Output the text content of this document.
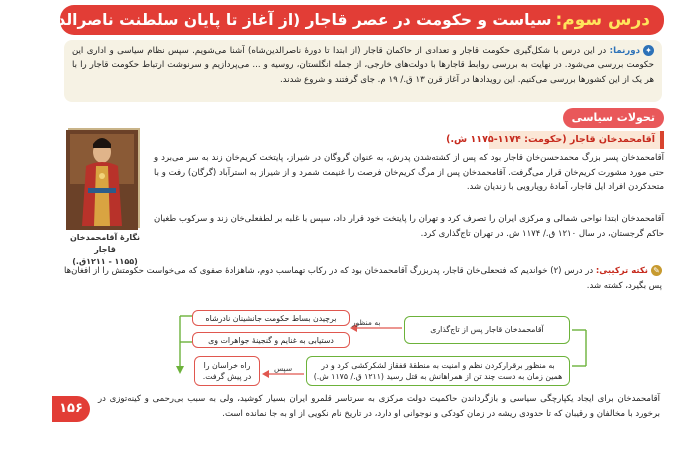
درس سوم:
سیاست و حکومت در عصر قاجار (از آغاز تا پایان سلطنت ناصرالدین‌شاه)
✦دورنما: در این درس با شکل‌گیری حکومت قاجار و تعدادی از حاکمان قاجار (از ابتدا تا دورهٔ ناصرالدین‌شاه) آشنا می‌شویم. سپس نظام سیاسی و اداری این حکومت بررسی می‌شود. در نهایت به بررسی روابط قاجارها با دولت‌های خارجی، از جمله انگلستان، روسیه و ... می‌پردازیم و سرنوشت ارتباط حکومت قاجار را با هر یک از این کشورها بررسی می‌کنیم. این رویدادها در آغاز قرن ۱۳ ق./ ۱۹ م. جای گرفتند و شروع شدند.
تحولات سیاسی
آقامحمدخان قاجار (حکومت: ۱۱۷۴-۱۱۷۵ ش.)
نگارهٔ آقامحمدخان قاجار
(۱۱۵۵ - ۱۲۱۱ق.)
آقامحمدخان پسر بزرگ محمدحسن‌خان قاجار بود که پس از کشته‌شدن پدرش، به عنوان گروگان در شیراز، پایتخت کریم‌خان زند به سر می‌برد و حتی مورد مشورت کریم‌خان قرار می‌گرفت. آقامحمدخان پس از مرگ کریم‌خان فرصت را غنیمت شمرد و از شیراز به استرآباد (گرگان) رفت و با متحدکردن افراد ایل قاجار، آمادهٔ رویارویی با زندیان شد.
آقامحمدخان ابتدا نواحی شمالی و مرکزی ایران را تصرف کرد و تهران را پایتخت خود قرار داد، سپس با غلبه بر لطفعلی‌خان زند و سرکوب طغیان حاکم گرجستان، در سال ۱۲۱۰ ق./ ۱۱۷۴ ش. در تهران تاج‌گذاری کرد.
✎نکته ترکیبی: در درس (۲) خواندیم که فتحعلی‌خان قاجار، پدربزرگ آقامحمدخان بود که در رکاب تهماسب دوم، شاهزادهٔ صفوی که می‌خواست حکومتش را از افغان‌ها پس بگیرد، کشته شد.
آقامحمدخان قاجار پس از تاج‌گذاری
به منظور
برچیدن بساط حکومت جانشینان نادرشاه
دستیابی به غنایم و گنجینهٔ جواهرات وی
به منظور برقرارکردن نظم و امنیت به منطقهٔ قفقاز لشکرکشی کرد و در همین زمان به دست چند تن از همراهانش به قتل رسید (۱۲۱۱ ق./ ۱۱۷۵ ش.)
سپس
راه خراسان را در پیش گرفت.
۱۵۶
آقامحمدخان برای ایجاد یکپارچگی سیاسی و بازگرداندن حاکمیت دولت مرکزی به سرتاسر قلمرو ایران بسیار کوشید، ولی به سبب بی‌رحمی و کینه‌توزی در برخورد با مخالفان و رقیبان که تا حدودی ریشه در زمان کودکی و نوجوانی او دارد، در تاریخ نام نکویی از او به جا نمانده است.
